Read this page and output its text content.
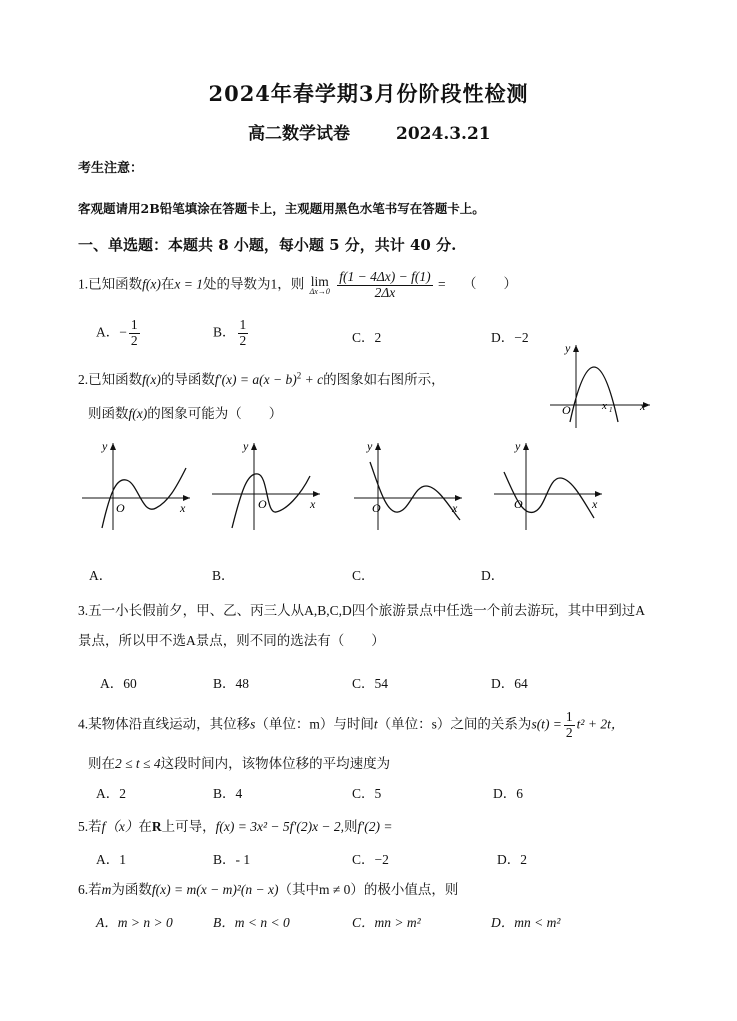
2024年春学期3月份阶段性检测
高二数学试卷	2024.3.21
考生注意：
客观题请用2B铅笔填涂在答题卡上，主观题用黑色水笔书写在答题卡上。
一、单选题：本题共 8 小题，每小题 5 分，共计 40 分.
1.已知函数f(x)在x = 1处的导数为1，则 lim
Δx→0
$\frac{f(1 - 4\Delta x) - f(1)}{2\Delta x}$ = （　　）
A．− $\frac{1}{2}$	B． $\frac{1}{2}$	C．2	D．−2
2.已知函数f(x)的导函数$f'(x) = a(x - b)^2 + c$的图象如右图所示，
则函数f(x)的图象可能为（　　）
y
x
O	x 1
y
x
O
y
x
O
y
x
O
y
x
O
A．	B．	C．	D．
3.五一小长假前夕，甲、乙、丙三人从A,B,C,D四个旅游景点中任选一个前去游玩，其中甲到过A
景点，所以甲不选A景点，则不同的选法有（　　）
A．60	B．48	C．54	D．64
4.某物体沿直线运动，其位移s（单位：m）与时间t（单位：s）之间的关系为$s(t) = \frac{1}{2} t^2 + 2t$，
则在2 ≤ t ≤ 4这段时间内，该物体位移的平均速度为
A．2	B．4	C．5	D．6
5.若f（x）在R上可导，f(x) = 3x² − 5f′(2)x − 2,则f′(2) =
A．1	B．- 1	C．−2	D．2
6.若m为函数f(x) = m(x − m)²(n − x)（其中m ≠ 0）的极小值点，则
A．m > n > 0	B．m < n < 0	C．mn > m²	D．mn < m²
